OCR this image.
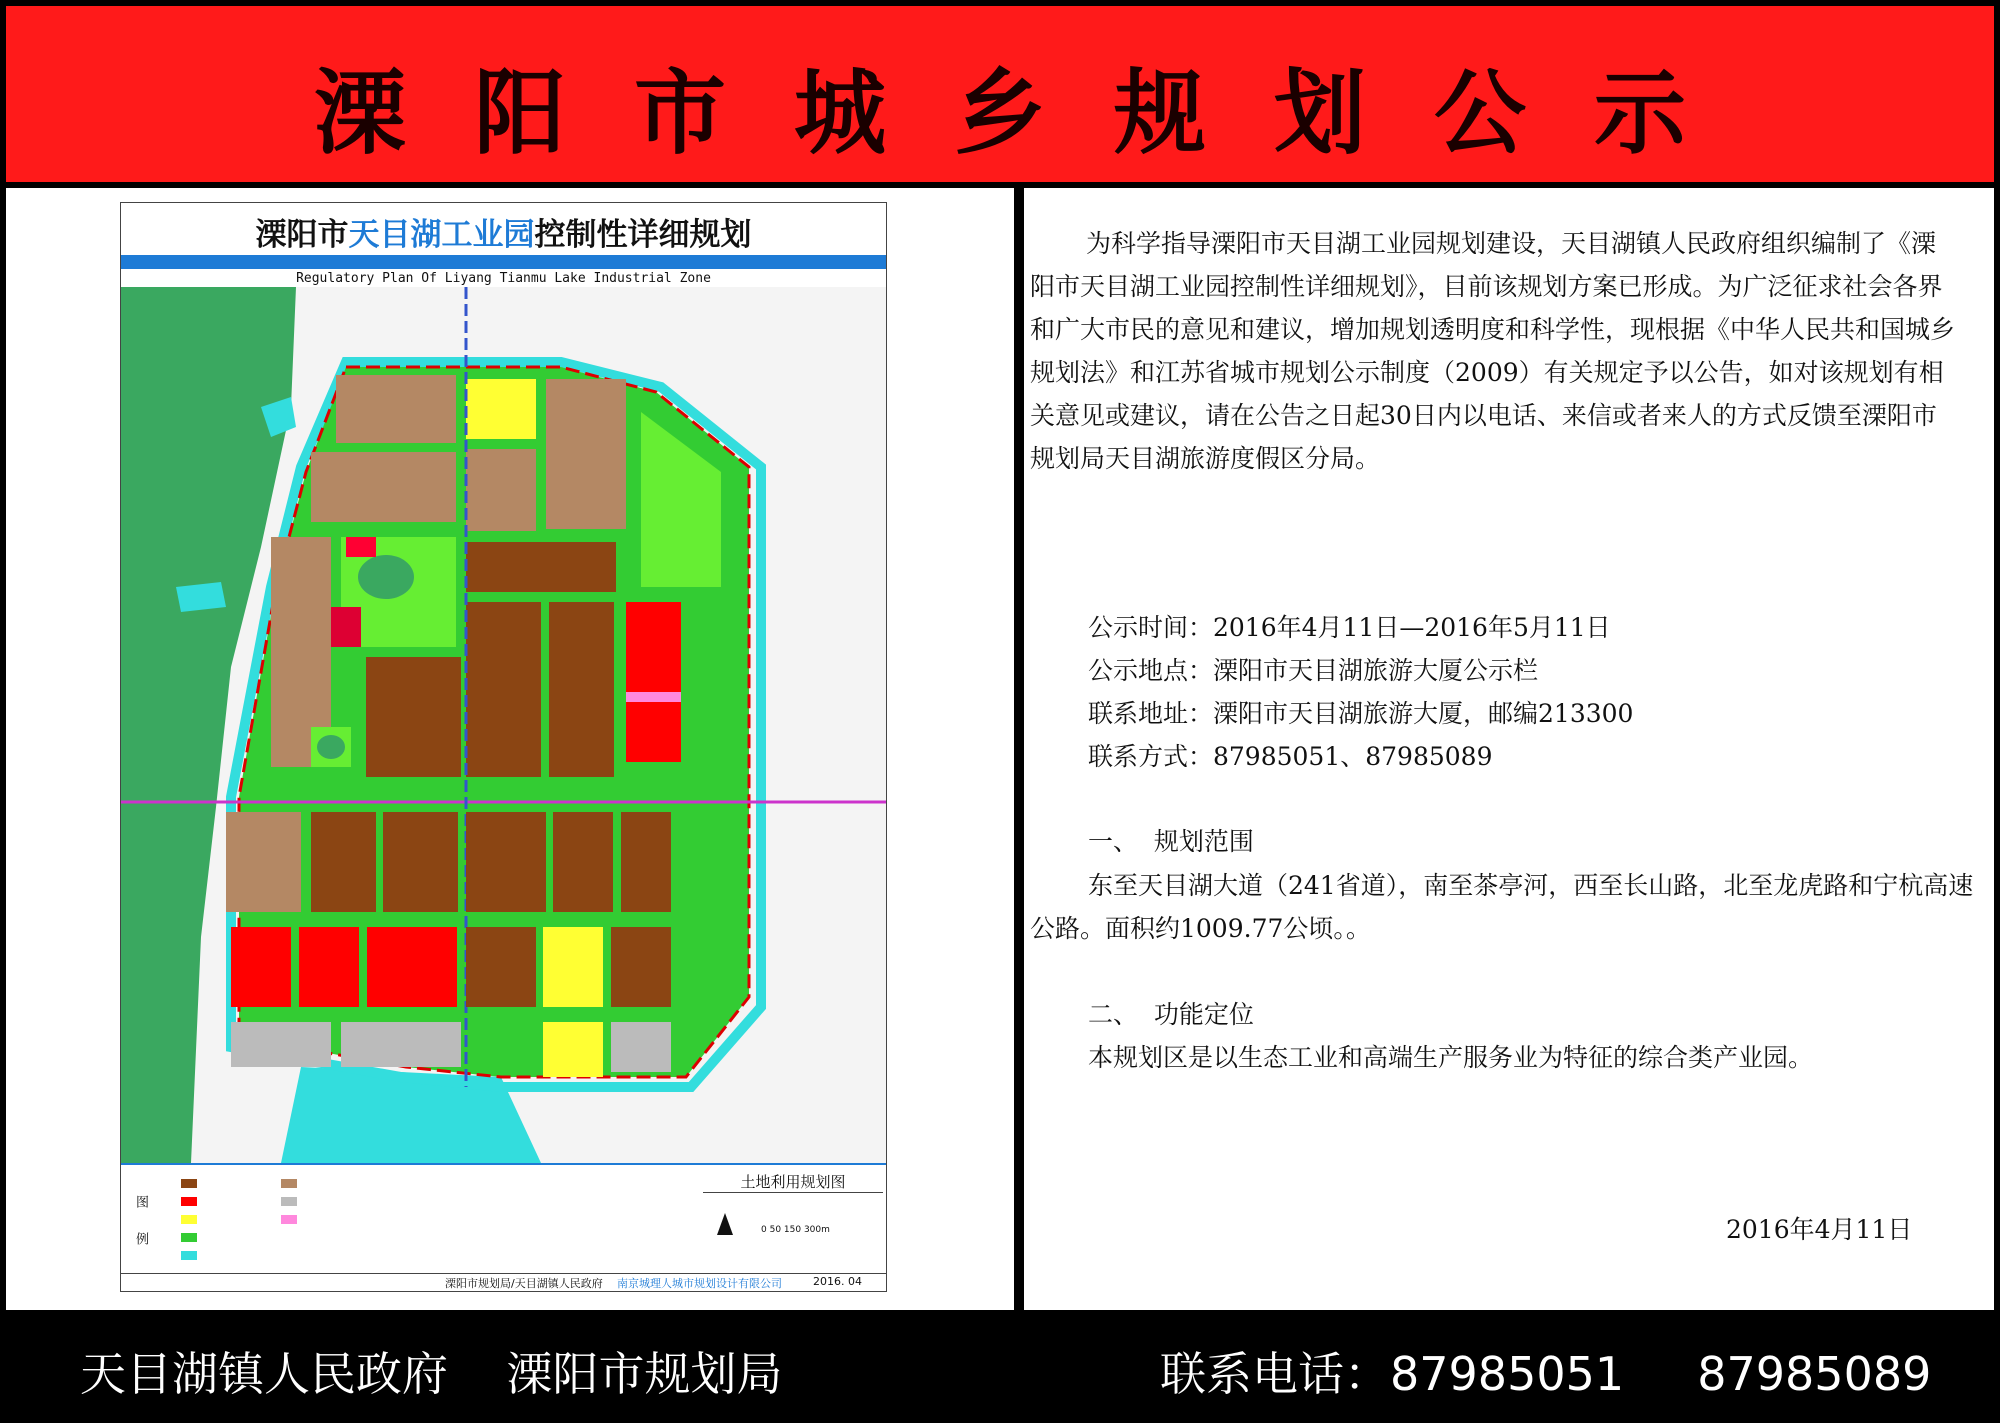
溧阳市城乡规划公示
溧阳市天目湖工业园控制性详细规划
Regulatory Plan Of Liyang Tianmu Lake Industrial Zone
图例
土地利用规划图
0 50 150 300m
溧阳市规划局/天目湖镇人民政府 南京城理人城市规划设计有限公司	2016. 04
为科学指导溧阳市天目湖工业园规划建设，天目湖镇人民政府组织编制了《溧阳市天目湖工业园控制性详细规划》，目前该规划方案已形成。为广泛征求社会各界和广大市民的意见和建议，增加规划透明度和科学性，现根据《中华人民共和国城乡规划法》和江苏省城市规划公示制度（2009）有关规定予以公告，如对该规划有相关意见或建议，请在公告之日起30日内以电话、来信或者来人的方式反馈至溧阳市规划局天目湖旅游度假区分局。
公示时间：2016年4月11日—2016年5月11日
公示地点：溧阳市天目湖旅游大厦公示栏
联系地址：溧阳市天目湖旅游大厦，邮编213300
联系方式：87985051、87985089
一、  规划范围
东至天目湖大道（241省道），南至茶亭河，西至长山路，北至龙虎路和宁杭高速公路。面积约1009.77公顷。。
二、  功能定位
本规划区是以生态工业和高端生产服务业为特征的综合类产业园。
2016年4月11日
天目湖镇人民政府    溧阳市规划局	联系电话：87985051     87985089
